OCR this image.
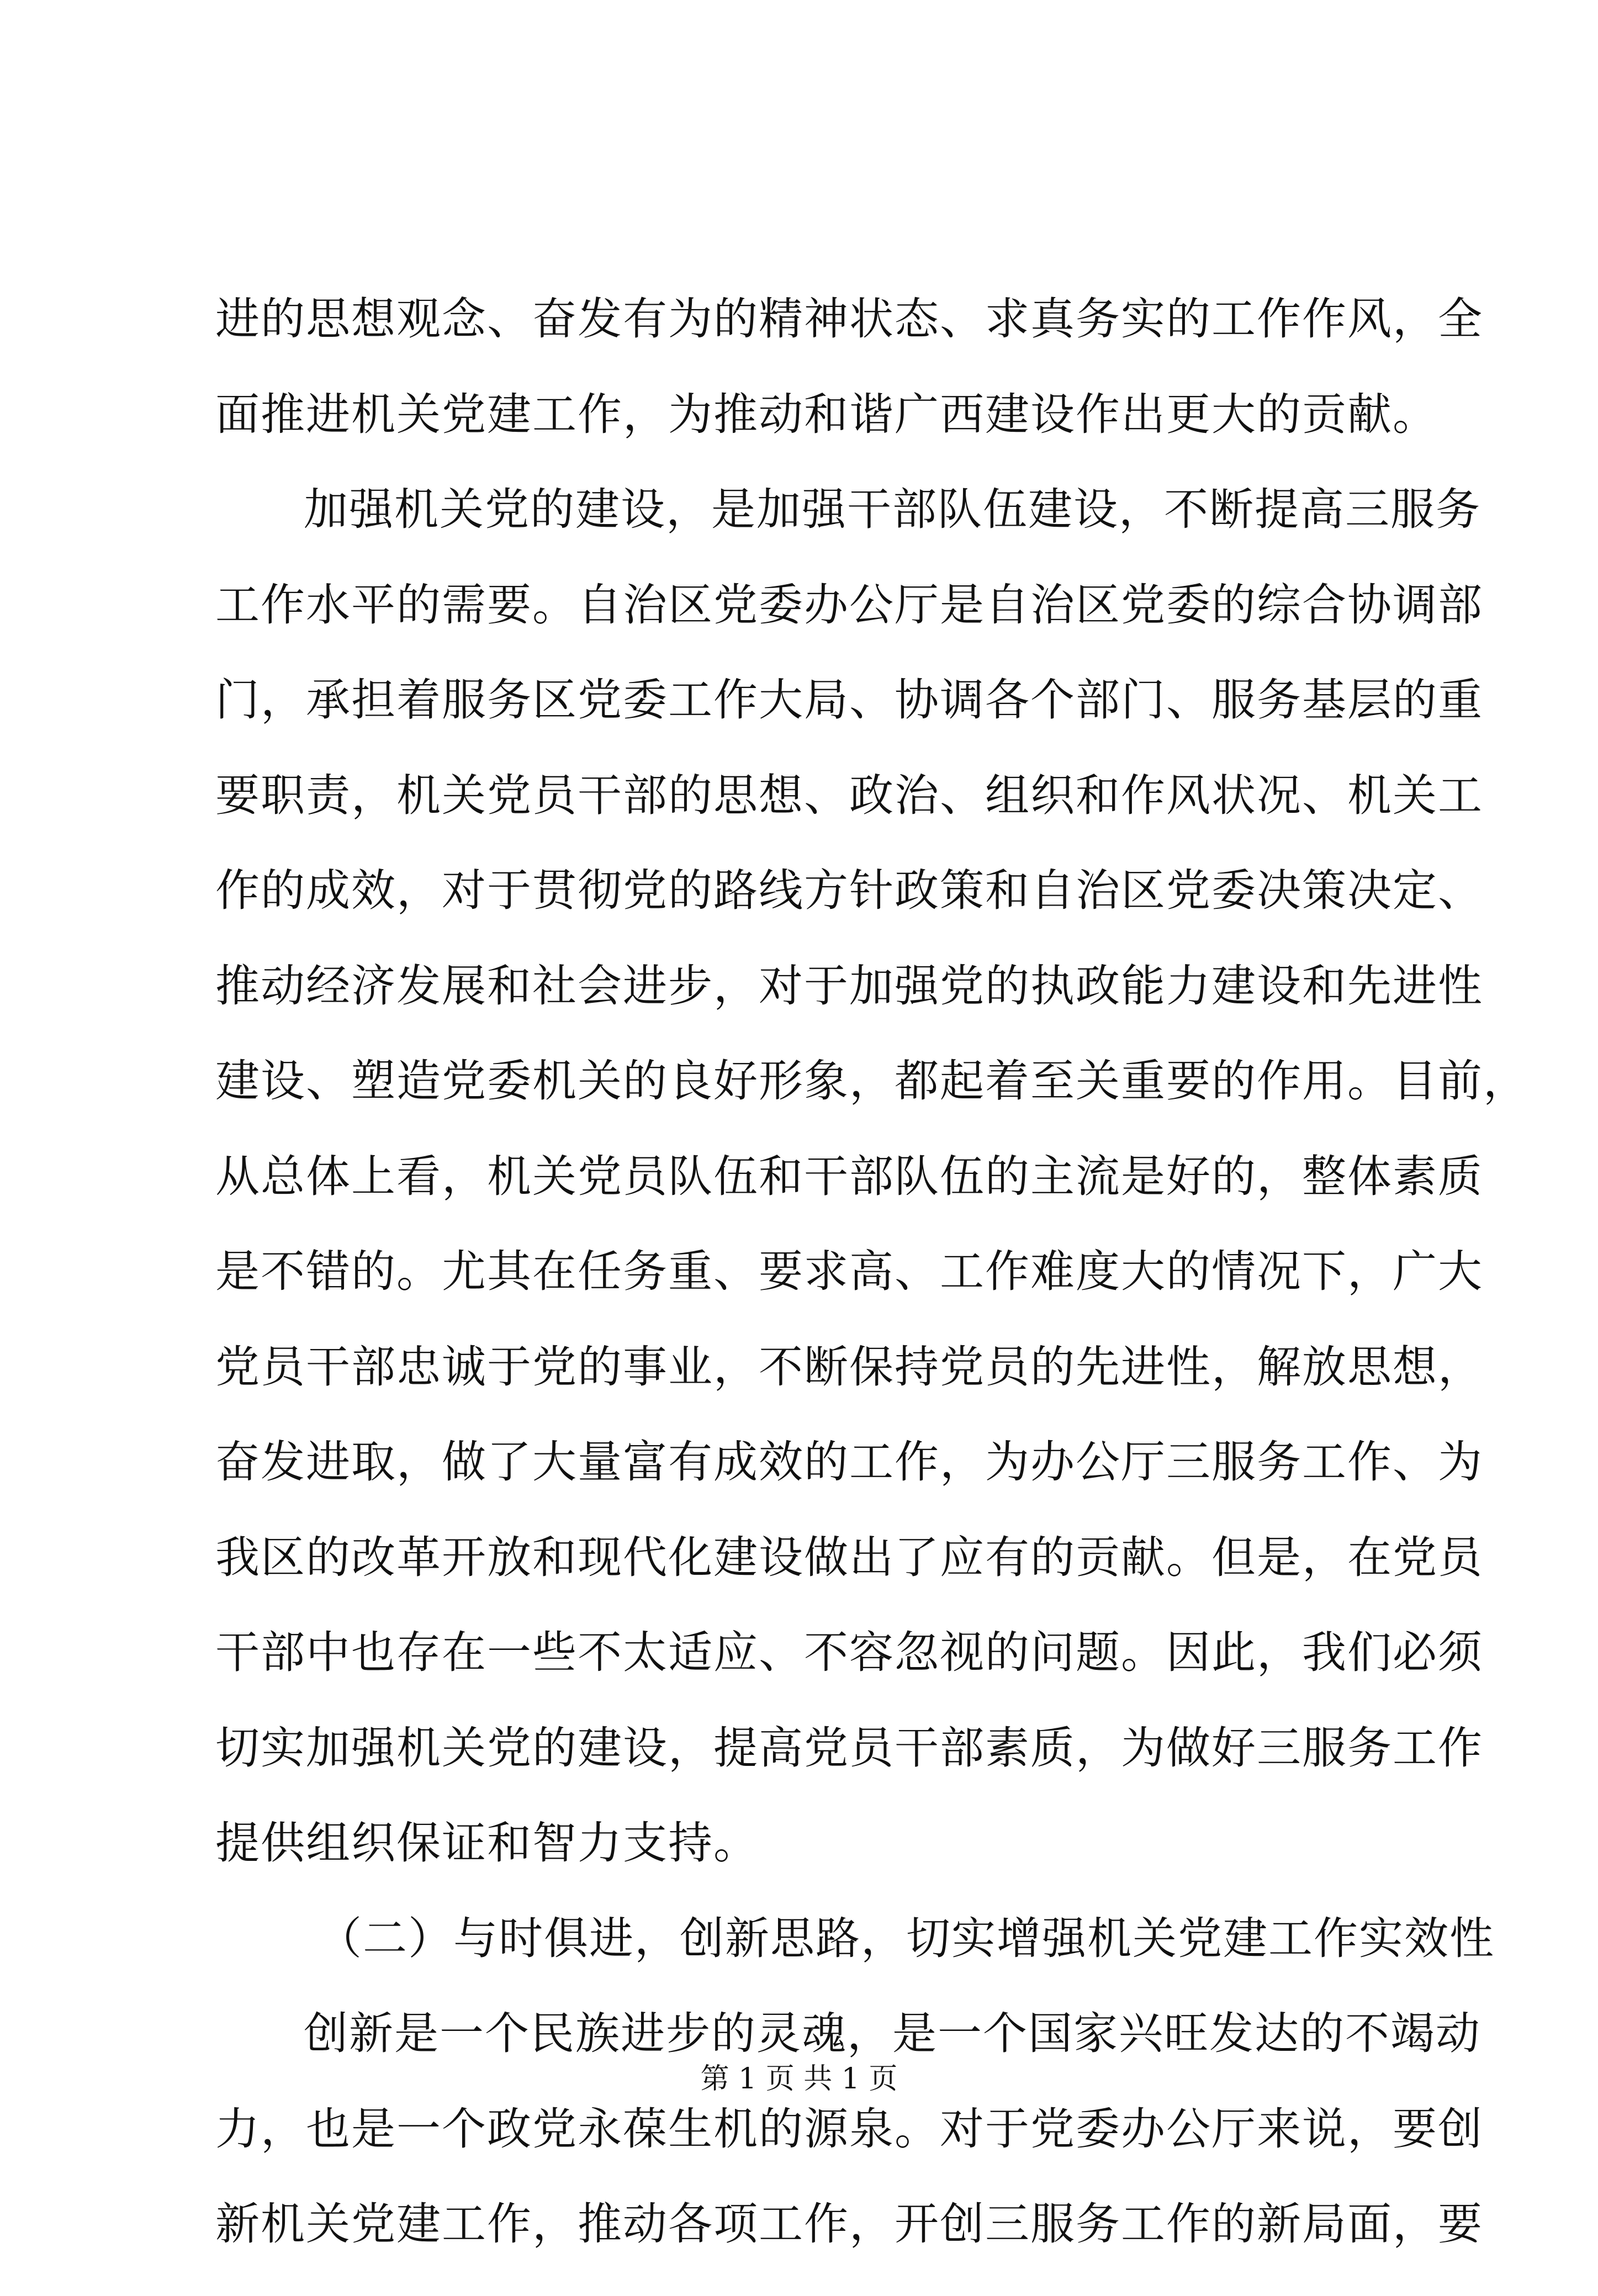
进的思想观念、奋发有为的精神状态、求真务实的工作作风，全
面推进机关党建工作，为推动和谐广西建设作出更大的贡献。
加强机关党的建设，是加强干部队伍建设，不断提高三服务
工作水平的需要。自治区党委办公厅是自治区党委的综合协调部
门，承担着服务区党委工作大局、协调各个部门、服务基层的重
要职责，机关党员干部的思想、政治、组织和作风状况、机关工
作的成效，对于贯彻党的路线方针政策和自治区党委决策决定、
推动经济发展和社会进步，对于加强党的执政能力建设和先进性
建设、塑造党委机关的良好形象，都起着至关重要的作用。目前，
从总体上看，机关党员队伍和干部队伍的主流是好的，整体素质
是不错的。尤其在任务重、要求高、工作难度大的情况下，广大
党员干部忠诚于党的事业，不断保持党员的先进性，解放思想，
奋发进取，做了大量富有成效的工作，为办公厅三服务工作、为
我区的改革开放和现代化建设做出了应有的贡献。但是，在党员
干部中也存在一些不太适应、不容忽视的问题。因此，我们必须
切实加强机关党的建设，提高党员干部素质，为做好三服务工作
提供组织保证和智力支持。
（二）与时俱进，创新思路，切实增强机关党建工作实效性
创新是一个民族进步的灵魂，是一个国家兴旺发达的不竭动
力，也是一个政党永葆生机的源泉。对于党委办公厅来说，要创
新机关党建工作，推动各项工作，开创三服务工作的新局面，要
第 1 页 共 1 页
